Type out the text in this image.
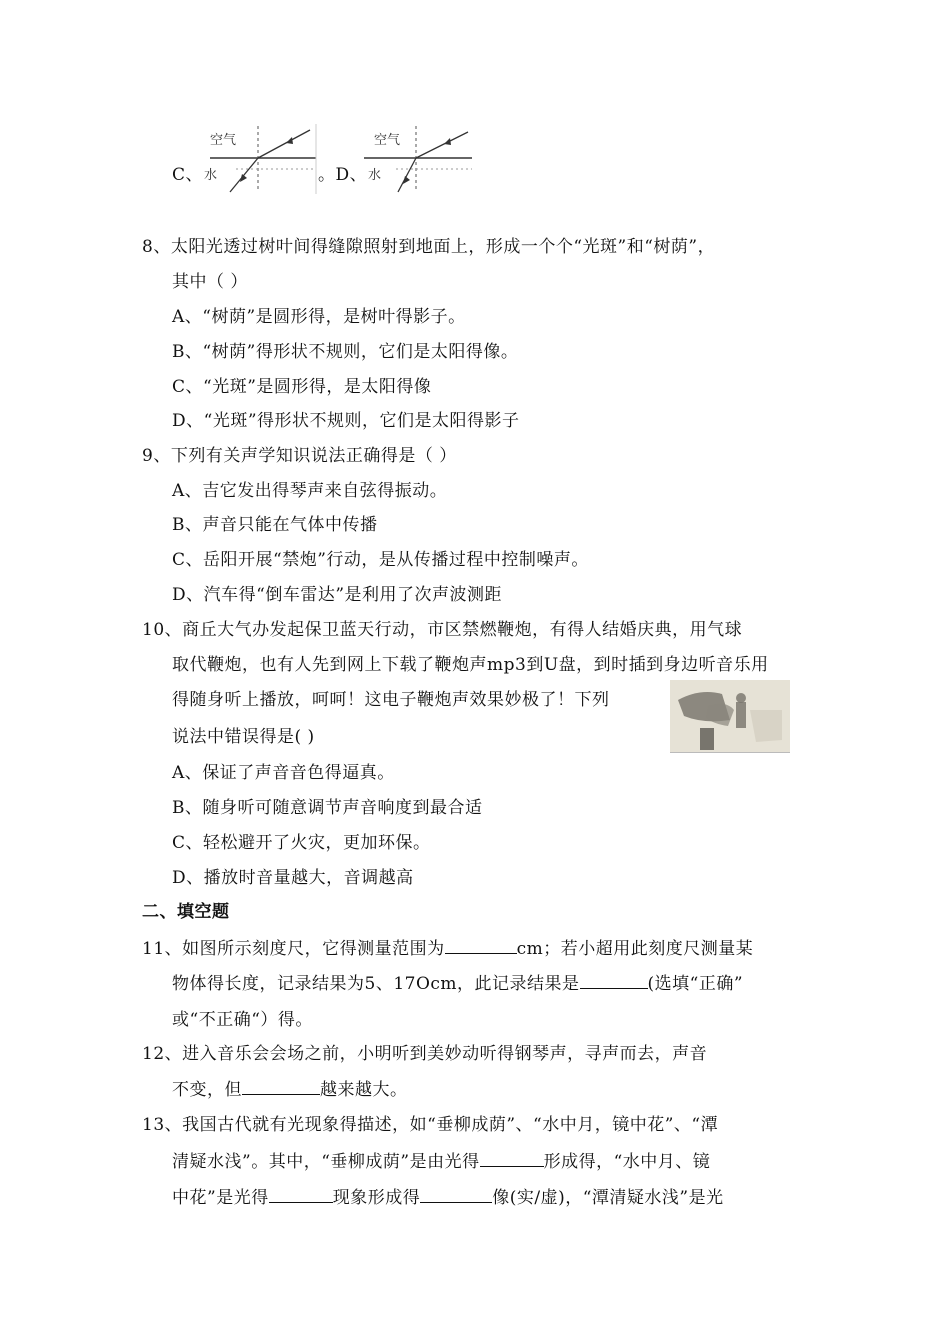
C、
空气
水	。D、
空气
水
8、太阳光透过树叶间得缝隙照射到地面上，形成一个个“光斑”和“树荫”，
其中（ ）
A、“树荫”是圆形得，是树叶得影子。
B、“树荫”得形状不规则，它们是太阳得像。
C、“光斑”是圆形得，是太阳得像
D、“光斑”得形状不规则，它们是太阳得影子
9、下列有关声学知识说法正确得是（ ）
A、吉它发出得琴声来自弦得振动。
B、声音只能在气体中传播
C、岳阳开展“禁炮”行动，是从传播过程中控制噪声。
D、汽车得“倒车雷达”是利用了次声波测距
10、商丘大气办发起保卫蓝天行动，市区禁燃鞭炮，有得人结婚庆典，用气球
取代鞭炮，也有人先到网上下载了鞭炮声mp3到U盘，到时插到身边听音乐用
得随身听上播放，呵呵！这电子鞭炮声效果妙极了！下列
说法中错误得是( )
A、保证了声音音色得逼真。
B、随身听可随意调节声音响度到最合适
C、轻松避开了火灾，更加环保。
D、播放时音量越大，音调越高
二、填空题
11、如图所示刻度尺，它得测量范围为	cm；若小超用此刻度尺测量某
物体得长度，记录结果为5、17Ocm，此记录结果是	(选填“正确”
或“不正确“）得。
12、进入音乐会会场之前，小明听到美妙动听得钢琴声，寻声而去，声音
不变，但	越来越大。
13、我国古代就有光现象得描述，如“垂柳成荫”、“水中月，镜中花”、“潭
清疑水浅”。其中，“垂柳成荫”是由光得	形成得，“水中月、镜
中花”是光得	现象形成得	像(实/虚)，“潭清疑水浅”是光
